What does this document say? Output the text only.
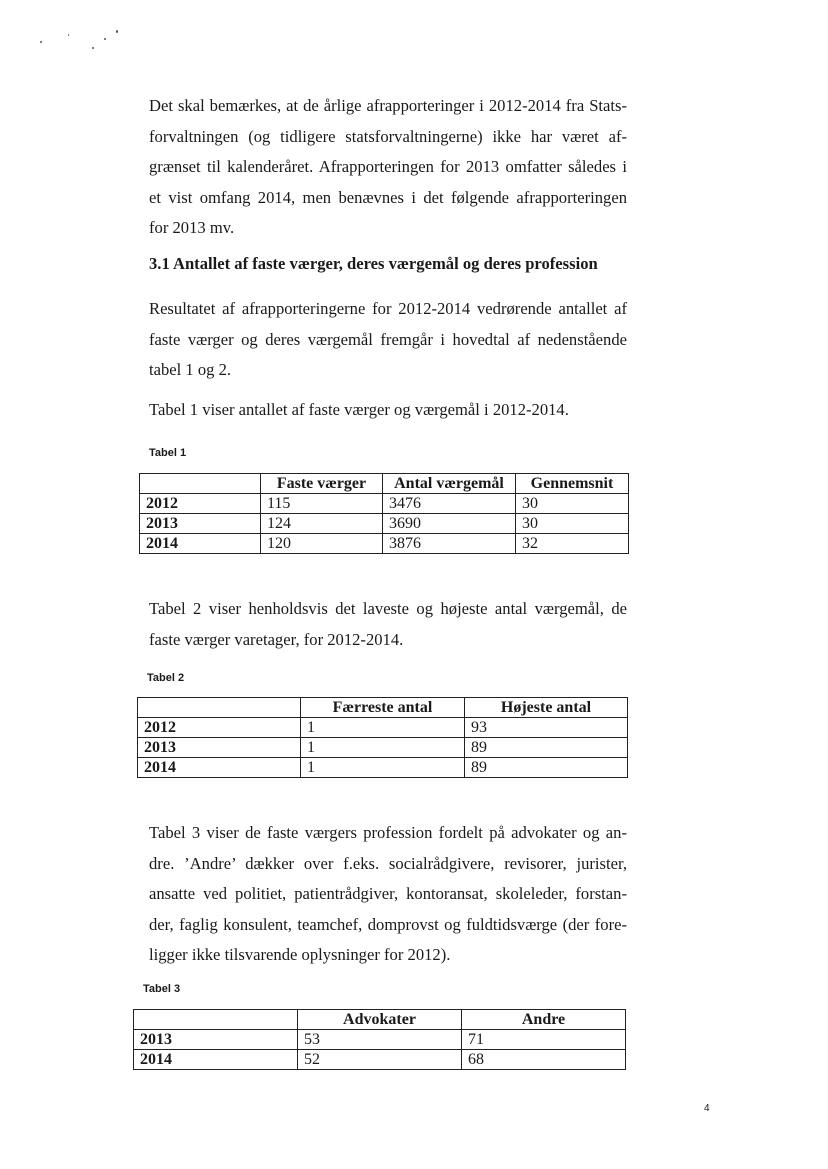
Det skal bemærkes, at de årlige afrapporteringer i 2012-2014 fra Stats-
forvaltningen (og tidligere statsforvaltningerne) ikke har været af-
grænset til kalenderåret. Afrapporteringen for 2013 omfatter således i
et vist omfang 2014, men benævnes i det følgende afrapporteringen
for 2013 mv.

3.1 Antallet af faste værger, deres værgemål og deres profession

Resultatet af afrapporteringerne for 2012-2014 vedrørende antallet af
faste værger og deres værgemål fremgår i hovedtal af nedenstående
tabel 1 og 2.

Tabel 1 viser antallet af faste værger og værgemål i 2012-2014.

Tabel 1

	Faste værger	Antal værgemål	Gennemsnit
2012	115	3476	30
2013	124	3690	30
2014	120	3876	32

Tabel 2 viser henholdsvis det laveste og højeste antal værgemål, de
faste værger varetager, for 2012-2014.

Tabel 2

	Færreste antal	Højeste antal
2012	1	93
2013	1	89
2014	1	89

Tabel 3 viser de faste værgers profession fordelt på advokater og an-
dre. ’Andre’ dækker over f.eks. socialrådgivere, revisorer, jurister,
ansatte ved politiet, patientrådgiver, kontoransat, skoleleder, forstan-
der, faglig konsulent, teamchef, domprovst og fuldtidsværge (der fore-
ligger ikke tilsvarende oplysninger for 2012).

Tabel 3

	Advokater	Andre
2013	53	71
2014	52	68

4
